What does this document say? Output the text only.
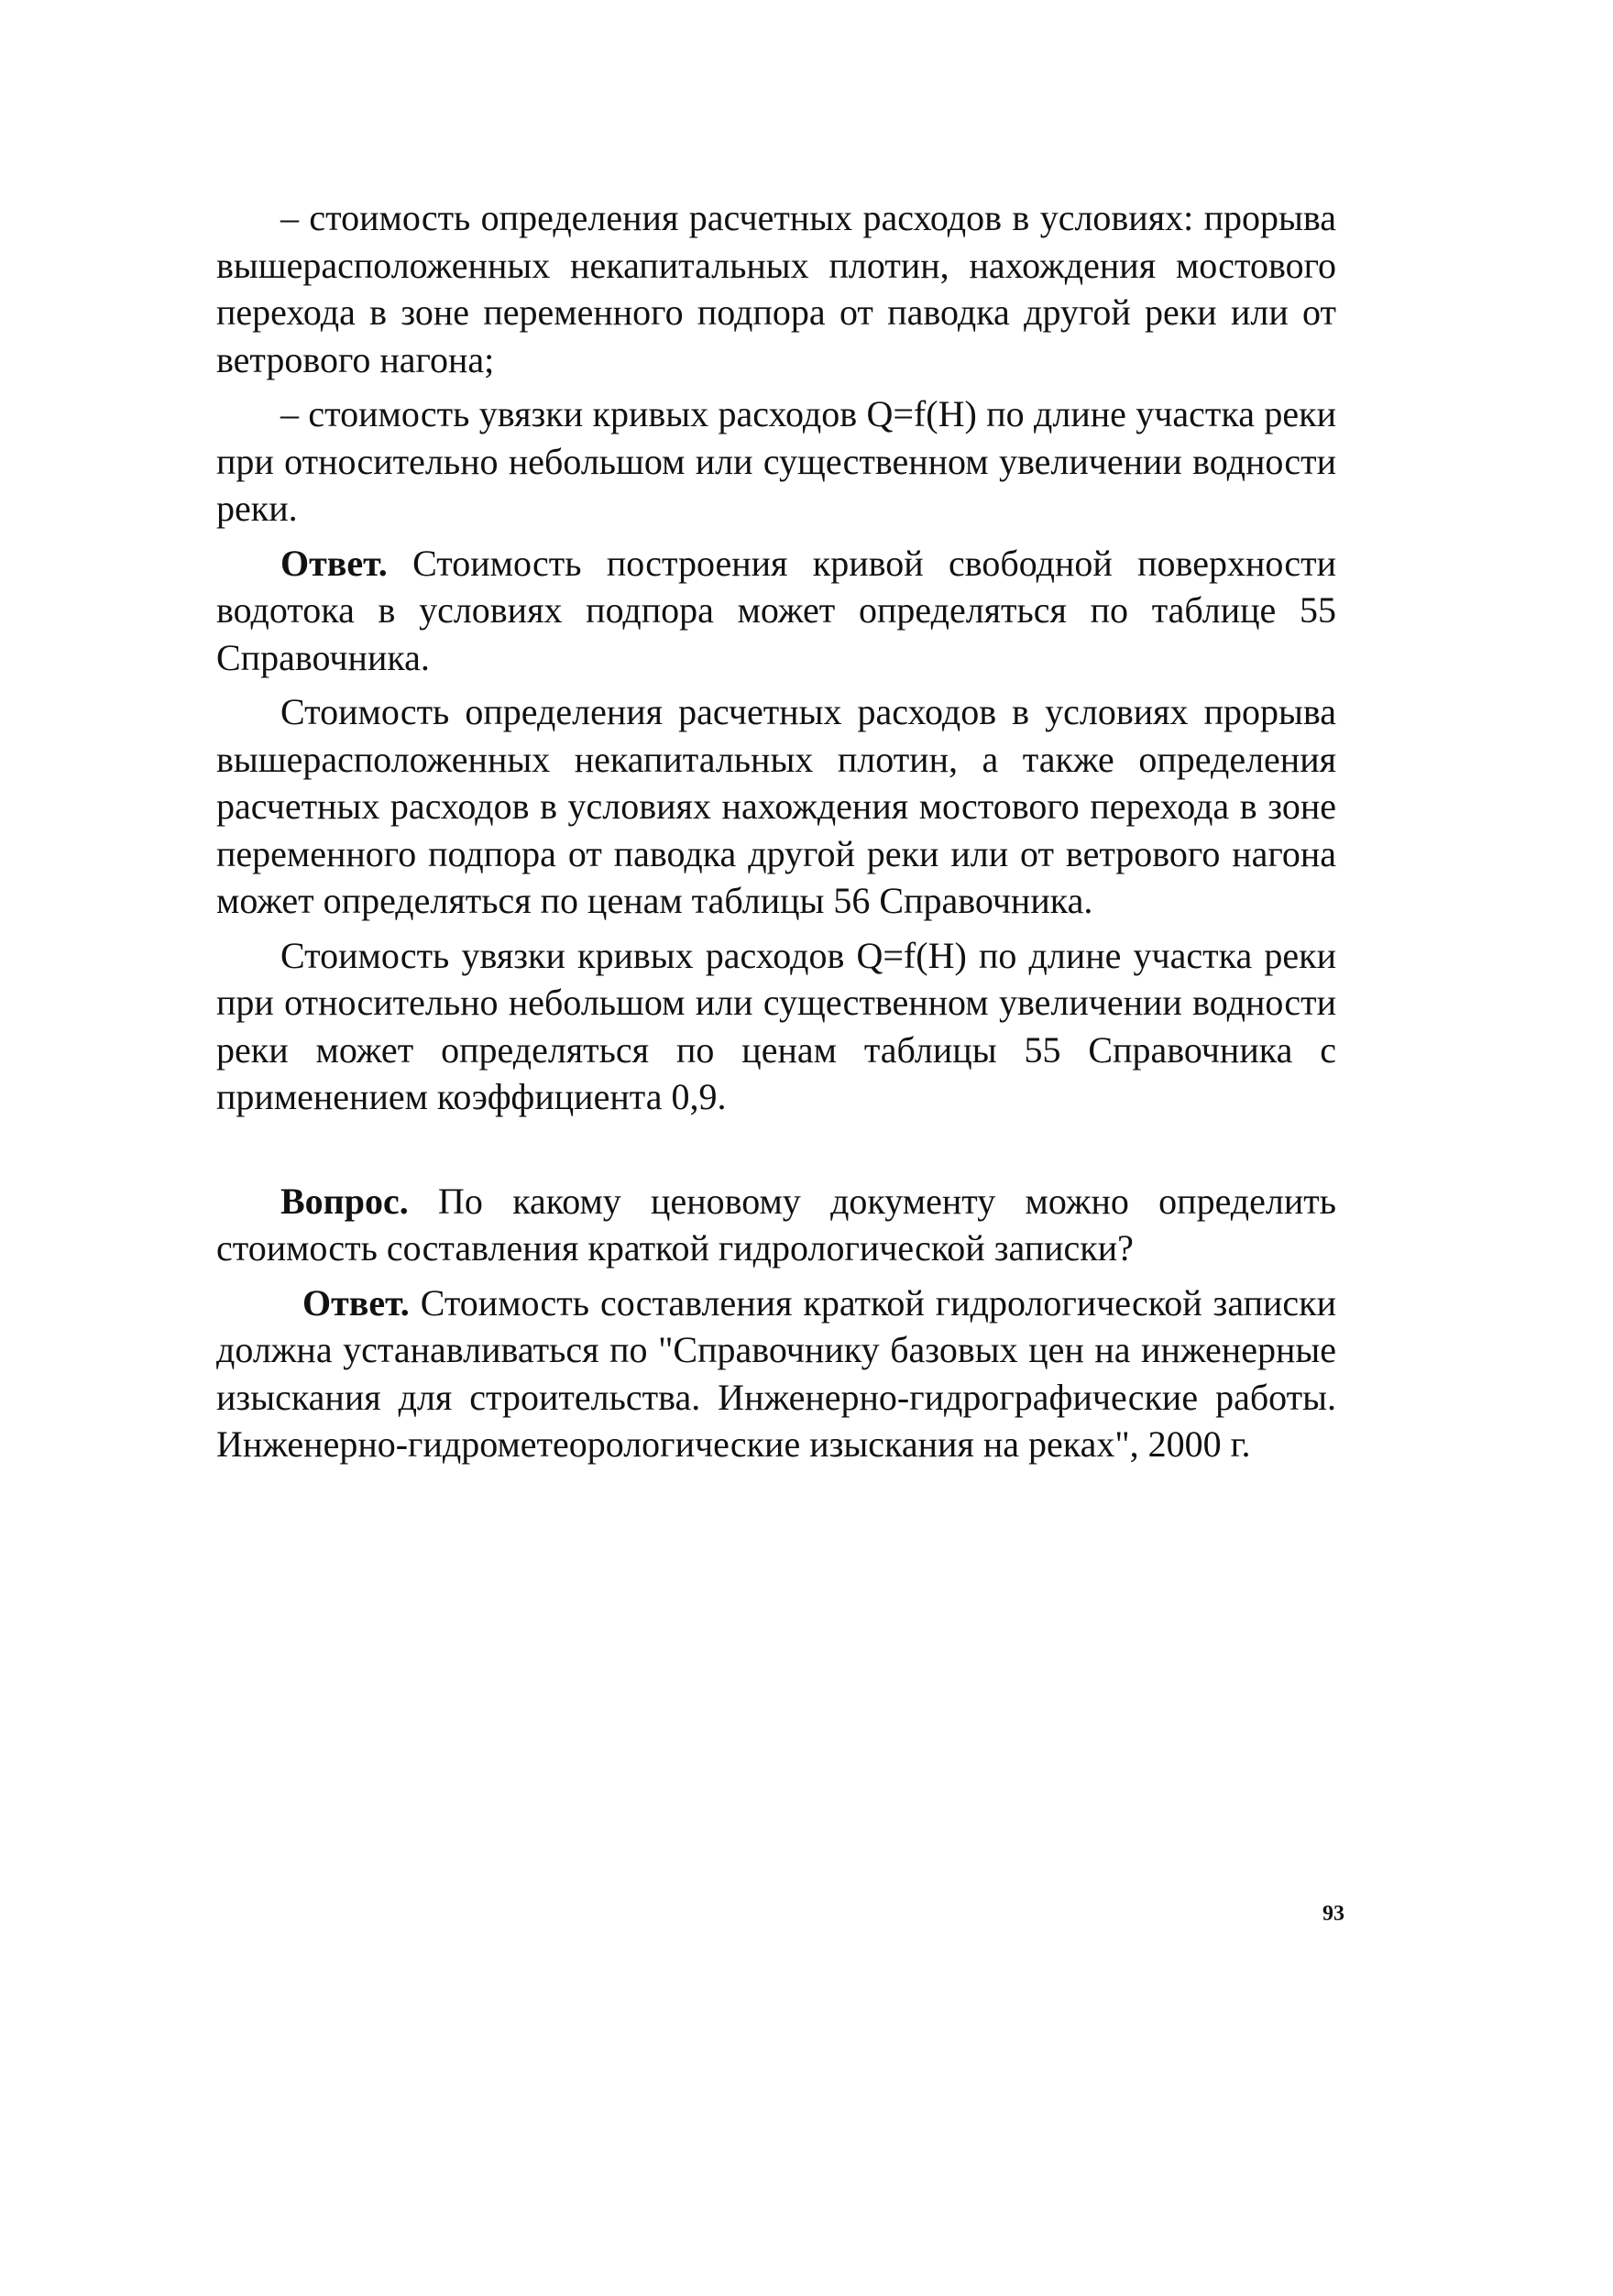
– стоимость определения расчетных расходов в условиях: прорыва вышерасположенных некапитальных плотин, нахождения мостового перехода в зоне переменного подпора от паводка другой реки или от ветрового нагона;

– стоимость увязки кривых расходов Q=f(H) по длине участка реки при относительно небольшом или существенном увеличении водности реки.

Ответ. Стоимость построения кривой свободной поверхности водотока в условиях подпора может определяться по таблице 55 Справочника.

Стоимость определения расчетных расходов в условиях прорыва вышерасположенных некапитальных плотин, а также определения расчетных расходов в условиях нахождения мостового перехода в зоне переменного подпора от паводка другой реки или от ветрового нагона может определяться по ценам таблицы 56 Справочника.

Стоимость увязки кривых расходов Q=f(H) по длине участка реки при относительно небольшом или существенном увеличении водности реки может определяться по ценам таблицы 55 Справочника с применением коэффициента 0,9.

Вопрос. По какому ценовому документу можно определить стоимость составления краткой гидрологической записки?

Ответ. Стоимость составления краткой гидрологической записки должна устанавливаться по "Справочнику базовых цен на инженерные изыскания для строительства. Инженерно-гидрографические работы. Инженерно-гидрометеорологические изыскания на реках", 2000 г.

93
